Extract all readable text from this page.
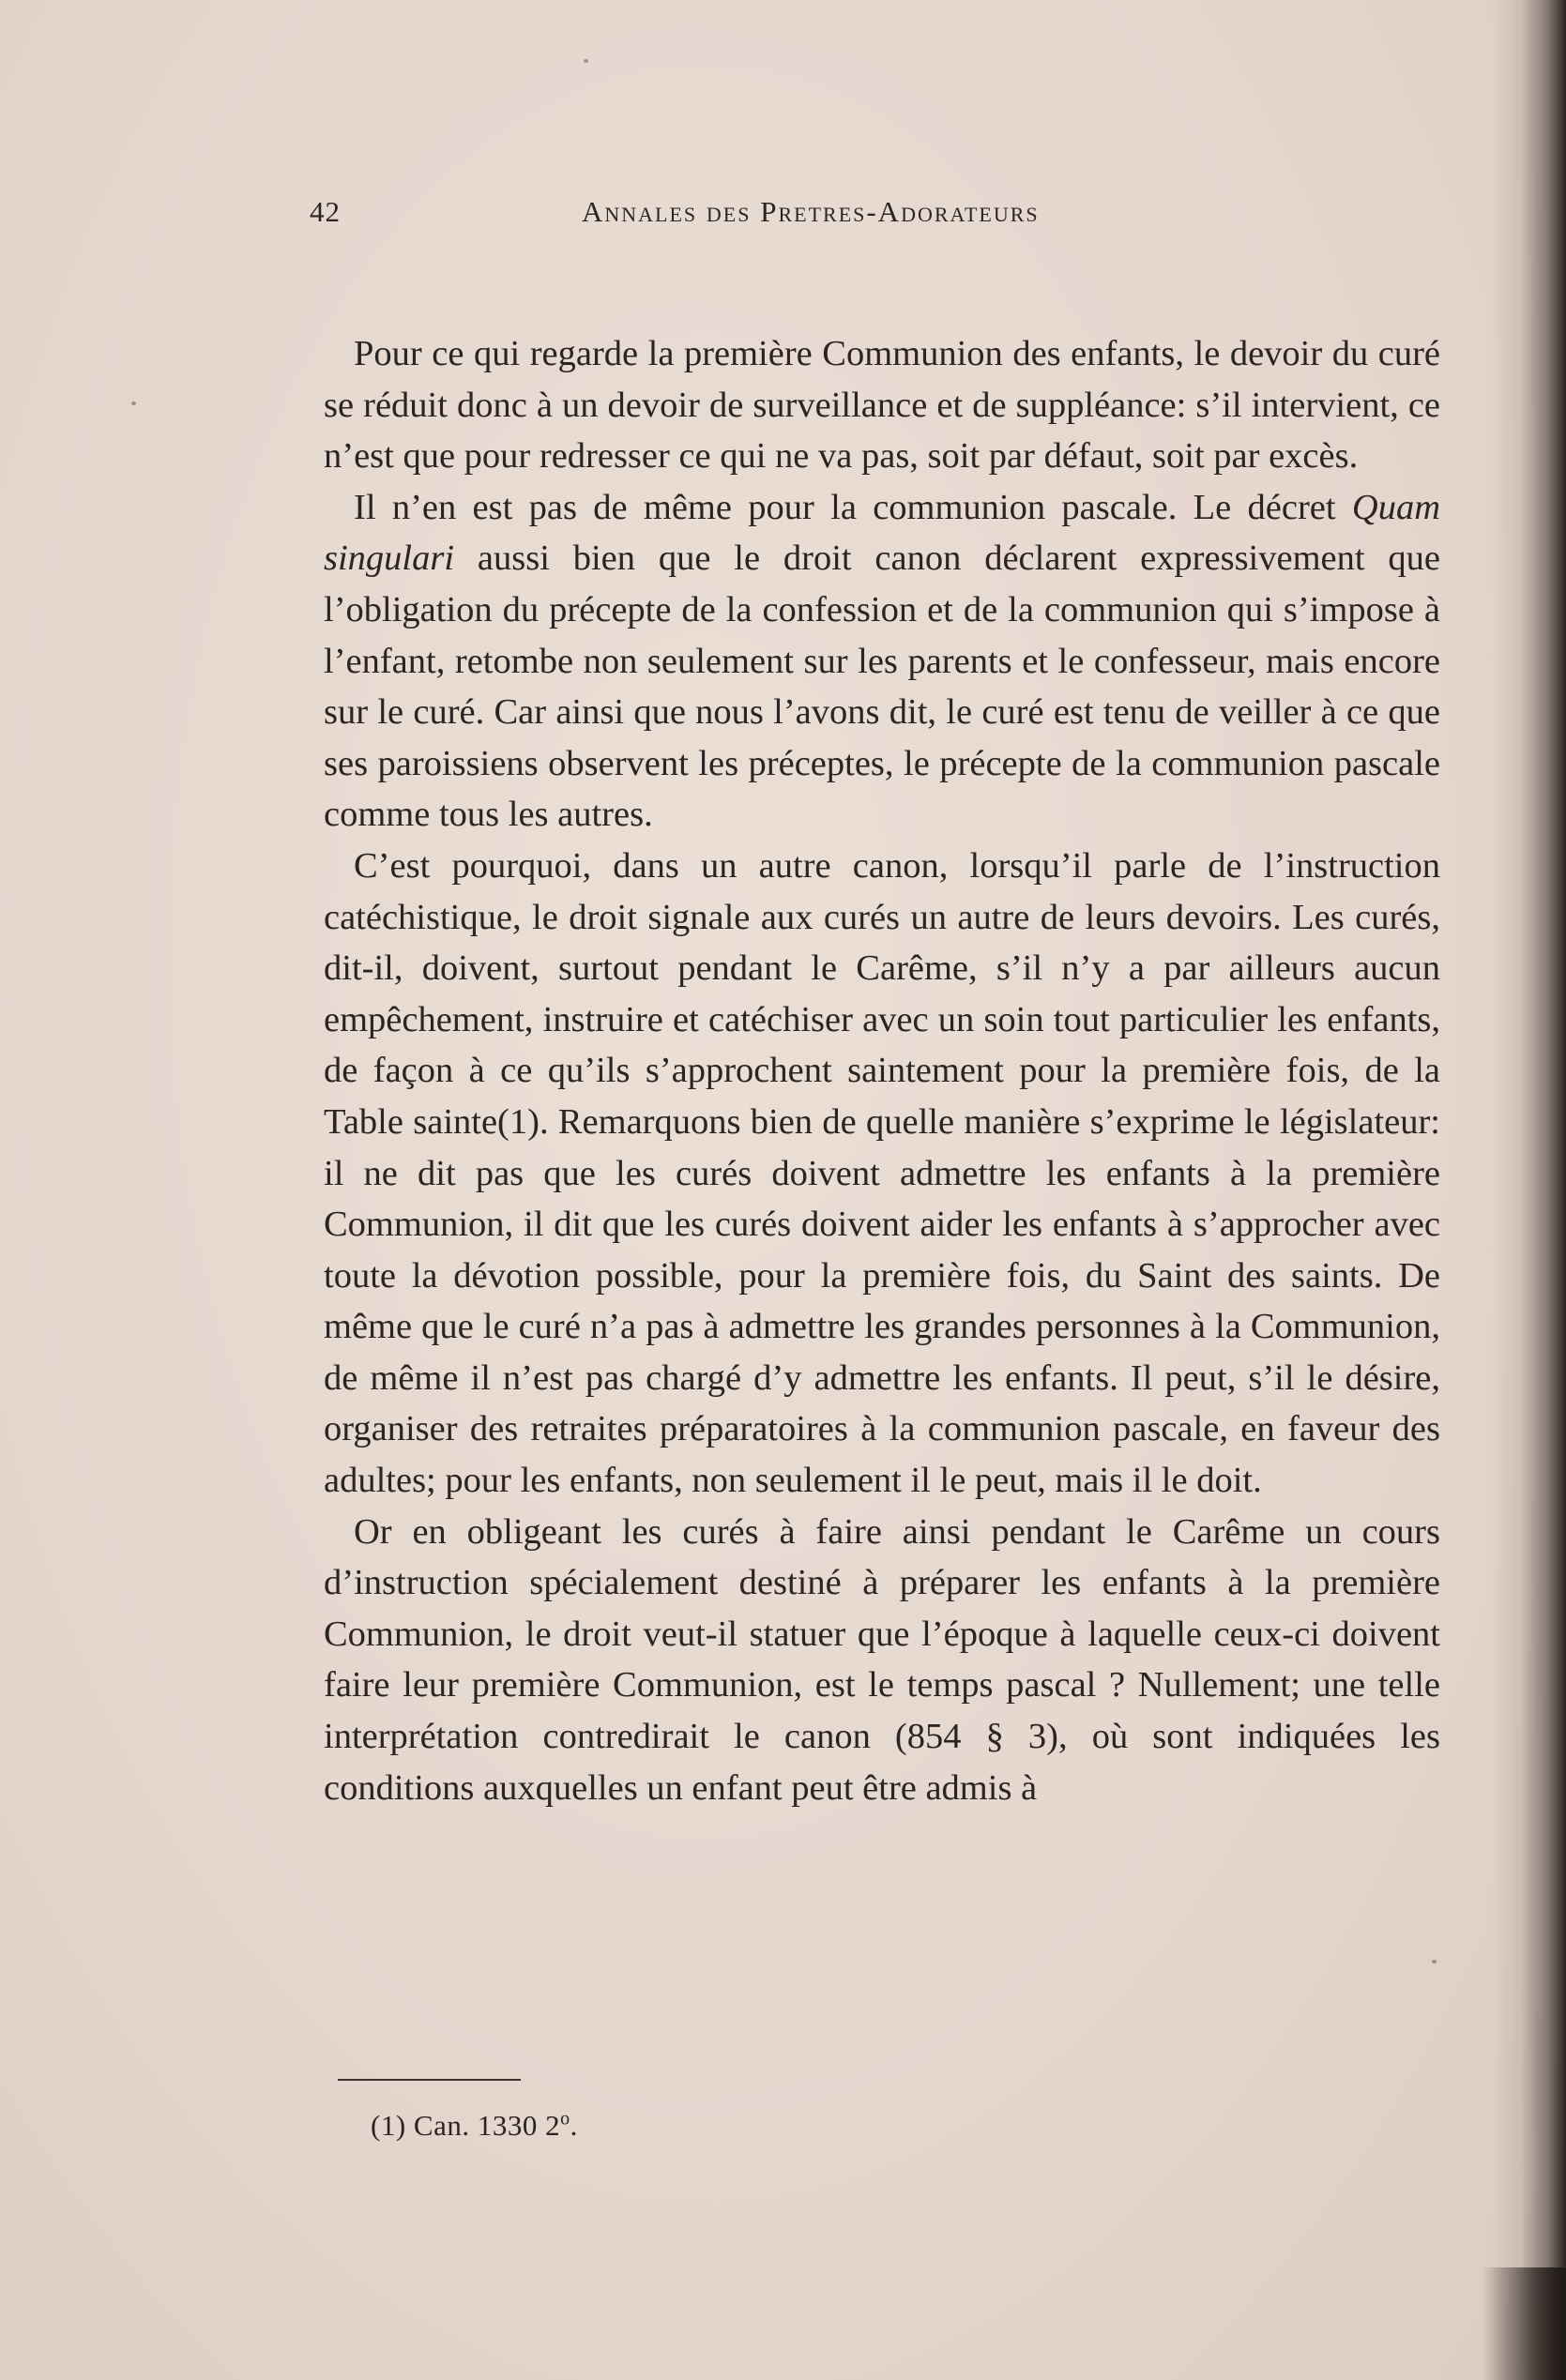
42	Annales des Pretres-Adorateurs

Pour ce qui regarde la première Communion des enfants, le devoir du curé se réduit donc à un devoir de surveillance et de suppléance: s’il intervient, ce n’est que pour redresser ce qui ne va pas, soit par défaut, soit par excès.

Il n’en est pas de même pour la communion pascale. Le décret Quam singulari aussi bien que le droit canon déclarent expressivement que l’obligation du précepte de la confession et de la communion qui s’impose à l’enfant, retombe non seulement sur les parents et le confesseur, mais encore sur le curé. Car ainsi que nous l’avons dit, le curé est tenu de veiller à ce que ses paroissiens observent les préceptes, le précepte de la communion pascale comme tous les autres.

C’est pourquoi, dans un autre canon, lorsqu’il parle de l’instruction catéchistique, le droit signale aux curés un autre de leurs devoirs. Les curés, dit-il, doivent, surtout pendant le Carême, s’il n’y a par ailleurs aucun empêchement, instruire et catéchiser avec un soin tout particulier les enfants, de façon à ce qu’ils s’approchent saintement pour la première fois, de la Table sainte(1). Remarquons bien de quelle manière s’exprime le législateur: il ne dit pas que les curés doivent admettre les enfants à la première Communion, il dit que les curés doivent aider les enfants à s’approcher avec toute la dévotion possible, pour la première fois, du Saint des saints. De même que le curé n’a pas à admettre les grandes personnes à la Communion, de même il n’est pas chargé d’y admettre les enfants. Il peut, s’il le désire, organiser des retraites préparatoires à la communion pascale, en faveur des adultes; pour les enfants, non seulement il le peut, mais il le doit.

Or en obligeant les curés à faire ainsi pendant le Carême un cours d’instruction spécialement destiné à préparer les enfants à la première Communion, le droit veut-il statuer que l’époque à laquelle ceux-ci doivent faire leur première Communion, est le temps pascal ? Nullement; une telle interprétation contredirait le canon (854 § 3), où sont indiquées les conditions auxquelles un enfant peut être admis à

(1) Can. 1330 2$^o$.
